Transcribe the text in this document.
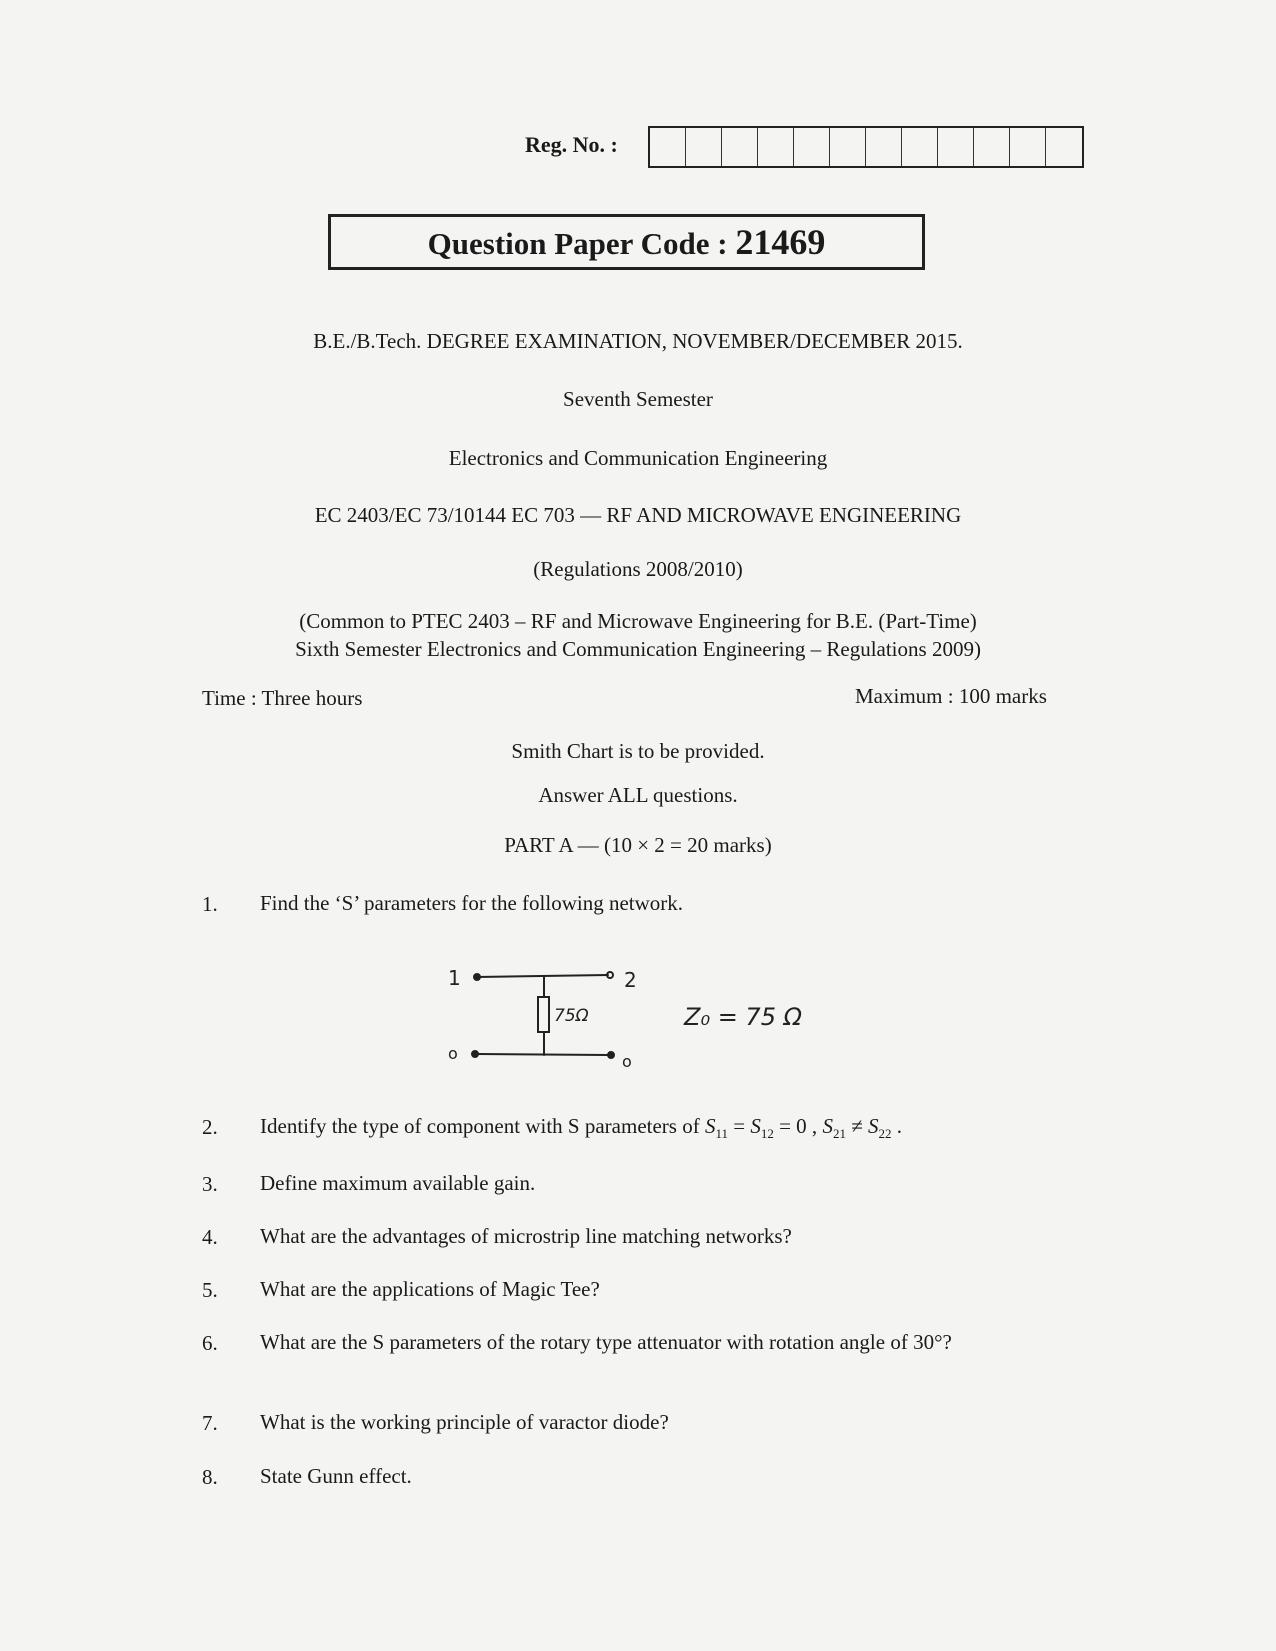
Reg. No. :
Question Paper Code : 21469
B.E./B.Tech. DEGREE EXAMINATION, NOVEMBER/DECEMBER 2015.
Seventh Semester
Electronics and Communication Engineering
EC 2403/EC 73/10144 EC 703 — RF AND MICROWAVE ENGINEERING
(Regulations 2008/2010)
(Common to PTEC 2403 – RF and Microwave Engineering for B.E. (Part-Time)
Sixth Semester Electronics and Communication Engineering – Regulations 2009)
Time : Three hours	Maximum : 100 marks
Smith Chart is to be provided.
Answer ALL questions.
PART A — (10 × 2 = 20 marks)
1. Find the ‘S’ parameters for the following network.
1	2
o	o
75Ω	Z₀ = 75 Ω
2. Identify the type of component with S parameters of $S_{11} = S_{12} = 0$ , $S_{21} \ne S_{22}$ .
3. Define maximum available gain.
4. What are the advantages of microstrip line matching networks?
5. What are the applications of Magic Tee?
6. What are the S parameters of the rotary type attenuator with rotation angle of 30°?
7. What is the working principle of varactor diode?
8. State Gunn effect.
